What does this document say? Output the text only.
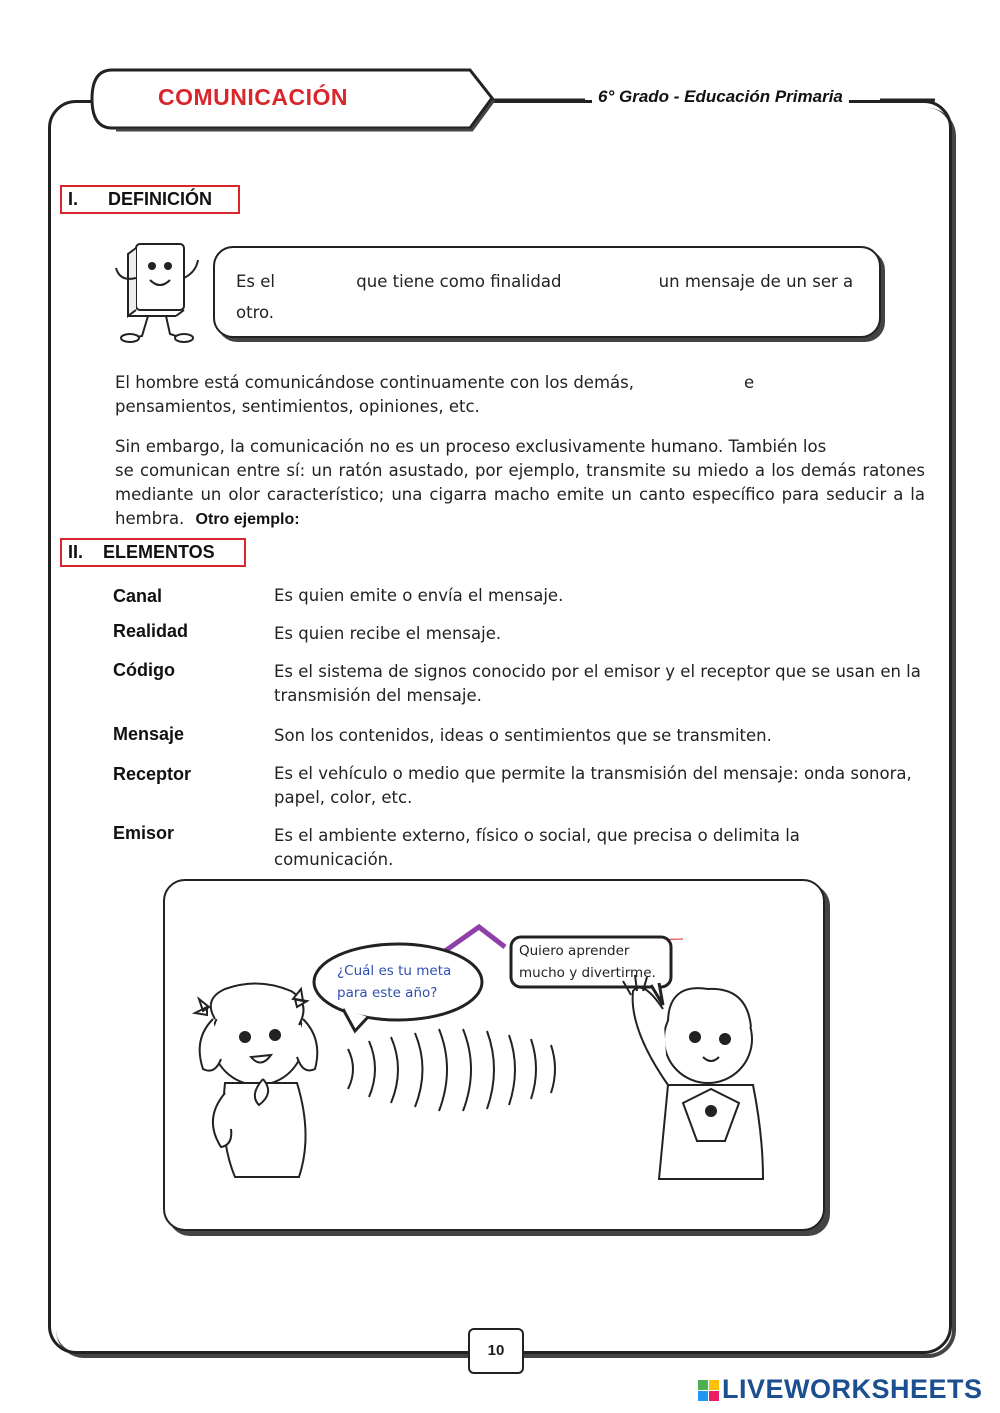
COMUNICACIÓN	6° Grado - Educación Primaria
I.      DEFINICIÓN
Es el	que tiene como finalidad	un mensaje de un ser a
otro.
El hombre está comunicándose continuamente con los demás,	e
pensamientos, sentimientos, opiniones, etc.
Sin embargo, la comunicación no es un proceso exclusivamente humano. También los
se comunican entre sí: un ratón asustado, por ejemplo, transmite su miedo a los demás ratones mediante un olor característico; una cigarra macho emite un canto específico para seducir a la hembra. Otro ejemplo:
II.    ELEMENTOS
Canal	Es quien emite o envía el mensaje.
Realidad	Es quien recibe el mensaje.
Código	Es el sistema de signos conocido por el emisor y el receptor que se usan en la transmisión del mensaje.
Mensaje	Son los contenidos, ideas o sentimientos que se transmiten.
Receptor	Es el vehículo o medio que permite la transmisión del mensaje: onda sonora, papel, color, etc.
Emisor	Es el ambiente externo, físico o social, que precisa o delimita la comunicación.
¿Cuál es tu meta
para este año?
Quiero aprender
mucho y divertirme.
10
LIVEWORKSHEETS
